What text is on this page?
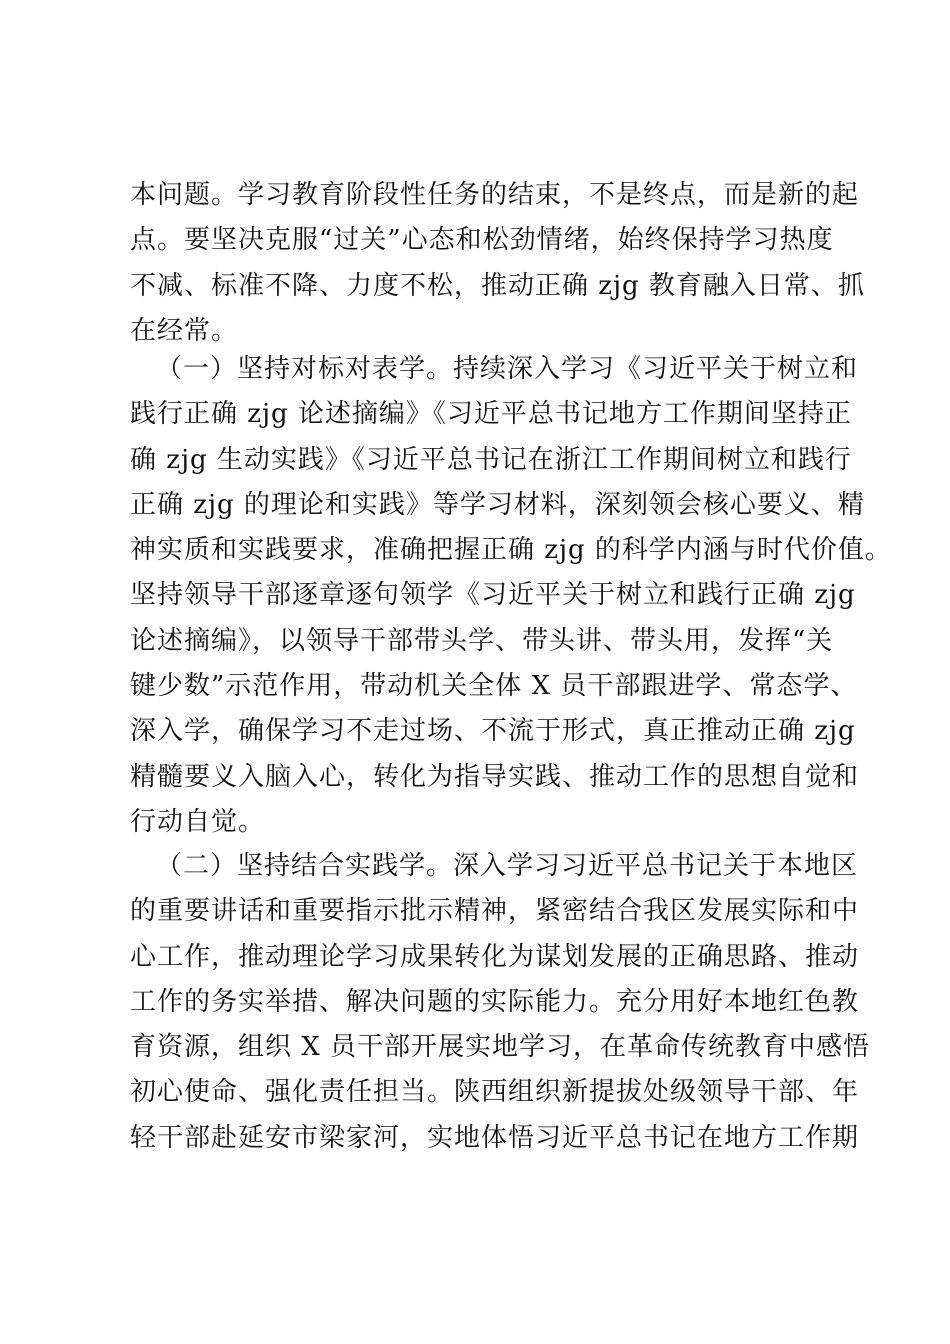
本问题。学习教育阶段性任务的结束，不是终点，而是新的起
点。要坚决克服“过关”心态和松劲情绪，始终保持学习热度
不减、标准不降、力度不松，推动正确 zjg 教育融入日常、抓
在经常。
（一）坚持对标对表学。持续深入学习《习近平关于树立和
践行正确 zjg 论述摘编》《习近平总书记地方工作期间坚持正
确 zjg 生动实践》《习近平总书记在浙江工作期间树立和践行
正确 zjg 的理论和实践》等学习材料，深刻领会核心要义、精
神实质和实践要求，准确把握正确 zjg 的科学内涵与时代价值。
坚持领导干部逐章逐句领学《习近平关于树立和践行正确 zjg
论述摘编》，以领导干部带头学、带头讲、带头用，发挥“关
键少数”示范作用，带动机关全体 X 员干部跟进学、常态学、
深入学，确保学习不走过场、不流于形式，真正推动正确 zjg
精髓要义入脑入心，转化为指导实践、推动工作的思想自觉和
行动自觉。
（二）坚持结合实践学。深入学习习近平总书记关于本地区
的重要讲话和重要指示批示精神，紧密结合我区发展实际和中
心工作，推动理论学习成果转化为谋划发展的正确思路、推动
工作的务实举措、解决问题的实际能力。充分用好本地红色教
育资源，组织 X 员干部开展实地学习，在革命传统教育中感悟
初心使命、强化责任担当。陕西组织新提拔处级领导干部、年
轻干部赴延安市梁家河，实地体悟习近平总书记在地方工作期
